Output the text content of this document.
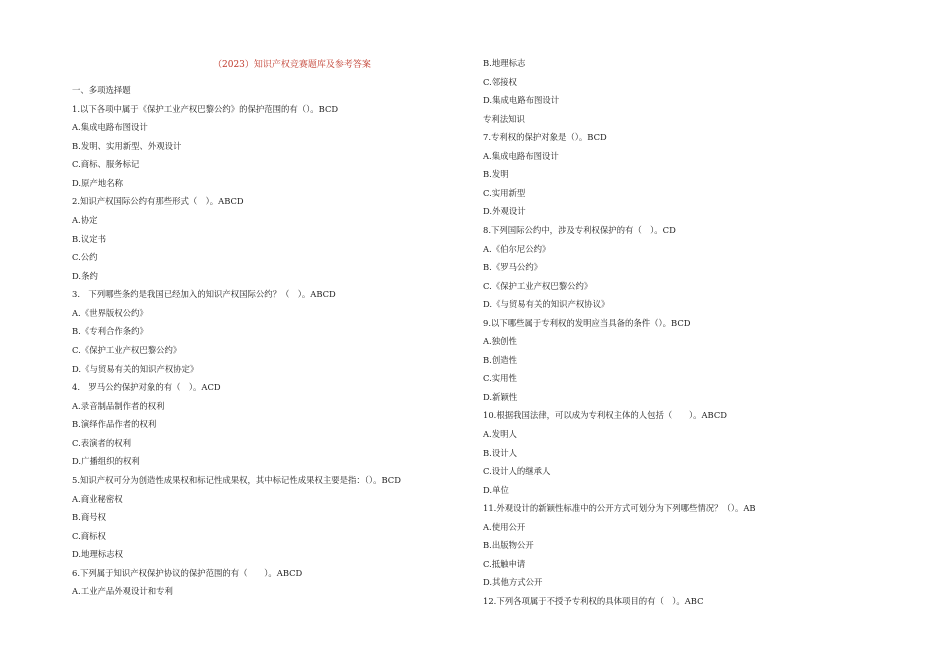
（2023）知识产权竞赛题库及参考答案
一、多项选择题
1.以下各项中属于《保护工业产权巴黎公约》的保护范围的有（）。BCD
A.集成电路布图设计
B.发明、实用新型、外观设计
C.商标、服务标记
D.原产地名称
2.知识产权国际公约有那些形式（　）。ABCD
A.协定
B.议定书
C.公约
D.条约
3.　下列哪些条约是我国已经加入的知识产权国际公约？（　）。ABCD
A.《世界版权公约》
B.《专利合作条约》
C.《保护工业产权巴黎公约》
D.《与贸易有关的知识产权协定》
4.　罗马公约保护对象的有（　）。ACD
A.录音制品制作者的权利
B.演绎作品作者的权利
C.表演者的权利
D.广播组织的权利
5.知识产权可分为创造性成果权和标记性成果权，其中标记性成果权主要是指：（）。BCD
A.商业秘密权
B.商号权
C.商标权
D.地理标志权
6.下列属于知识产权保护协议的保护范围的有（　　）。ABCD
A.工业产品外观设计和专利
B.地理标志
C.邻接权
D.集成电路布图设计
专利法知识
7.专利权的保护对象是（）。BCD
A.集成电路布图设计
B.发明
C.实用新型
D.外观设计
8.下列国际公约中，涉及专利权保护的有（　）。CD
A.《伯尔尼公约》
B.《罗马公约》
C.《保护工业产权巴黎公约》
D.《与贸易有关的知识产权协议》
9.以下哪些属于专利权的发明应当具备的条件（）。BCD
A.独创性
B.创造性
C.实用性
D.新颖性
10.根据我国法律，可以成为专利权主体的人包括（　　）。ABCD
A.发明人
B.设计人
C.设计人的继承人
D.单位
11.外观设计的新颖性标准中的公开方式可划分为下列哪些情况？（）。AB
A.使用公开
B.出版物公开
C.抵触申请
D.其他方式公开
12.下列各项属于不授予专利权的具体项目的有（　）。ABC
